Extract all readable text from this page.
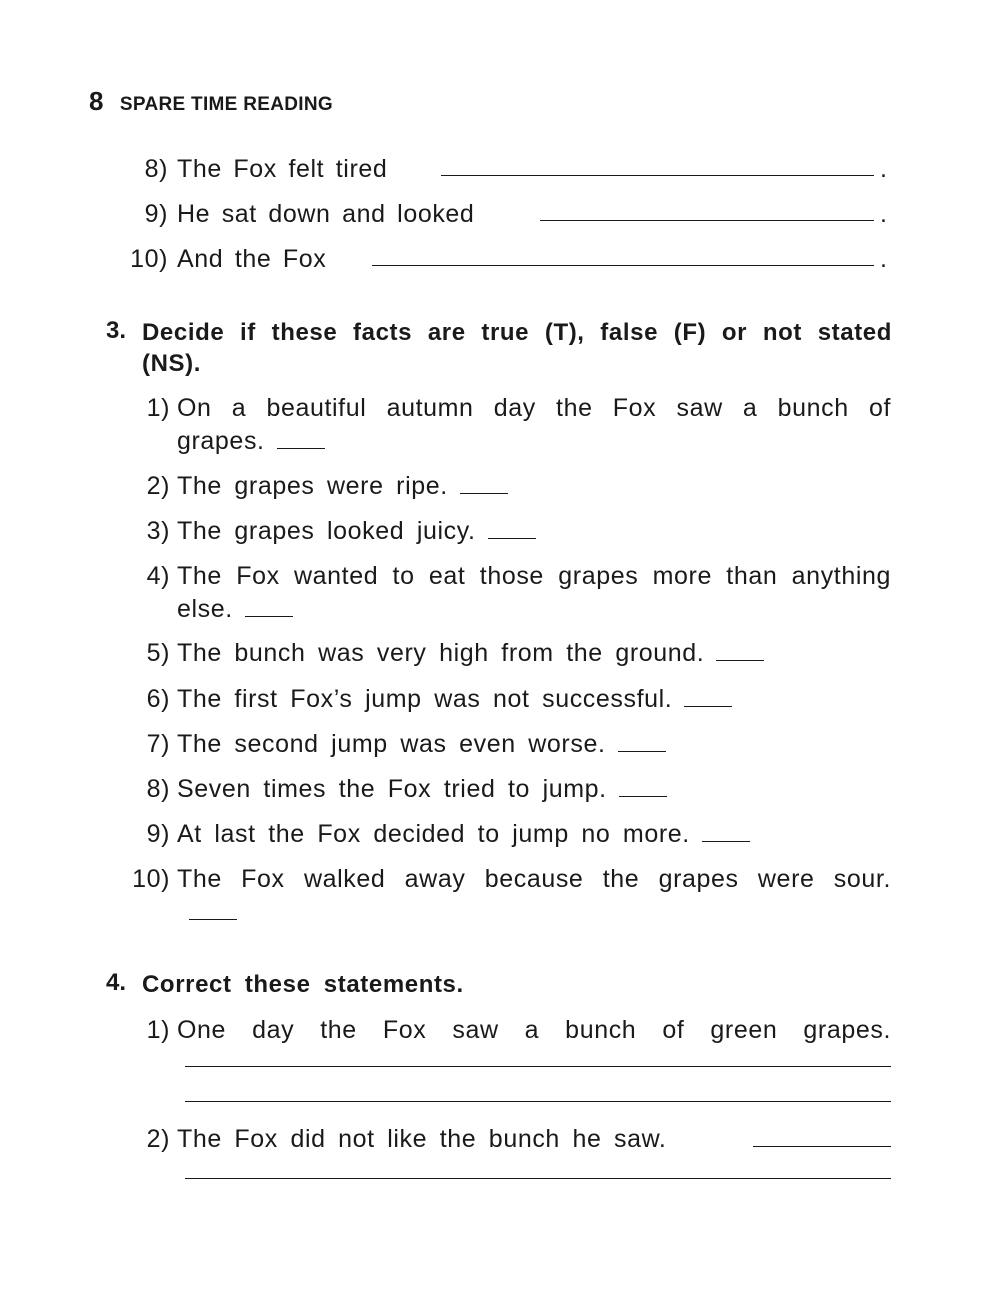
8 SPARE TIME READING
8) The Fox felt tired	.
9) He sat down and looked	.
10) And the Fox	.
3. Decide if these facts are true (T), false (F) or not stated (NS).
1) On a beautiful autumn day the Fox saw a bunch of grapes.
2) The grapes were ripe.
3) The grapes looked juicy.
4) The Fox wanted to eat those grapes more than anything else.
5) The bunch was very high from the ground.
6) The first Fox’s jump was not successful.
7) The second jump was even worse.
8) Seven times the Fox tried to jump.
9) At last the Fox decided to jump no more.
10) The Fox walked away because the grapes were sour.
4. Correct these statements.
1) One day the Fox saw a bunch of green grapes.
2) The Fox did not like the bunch he saw.
